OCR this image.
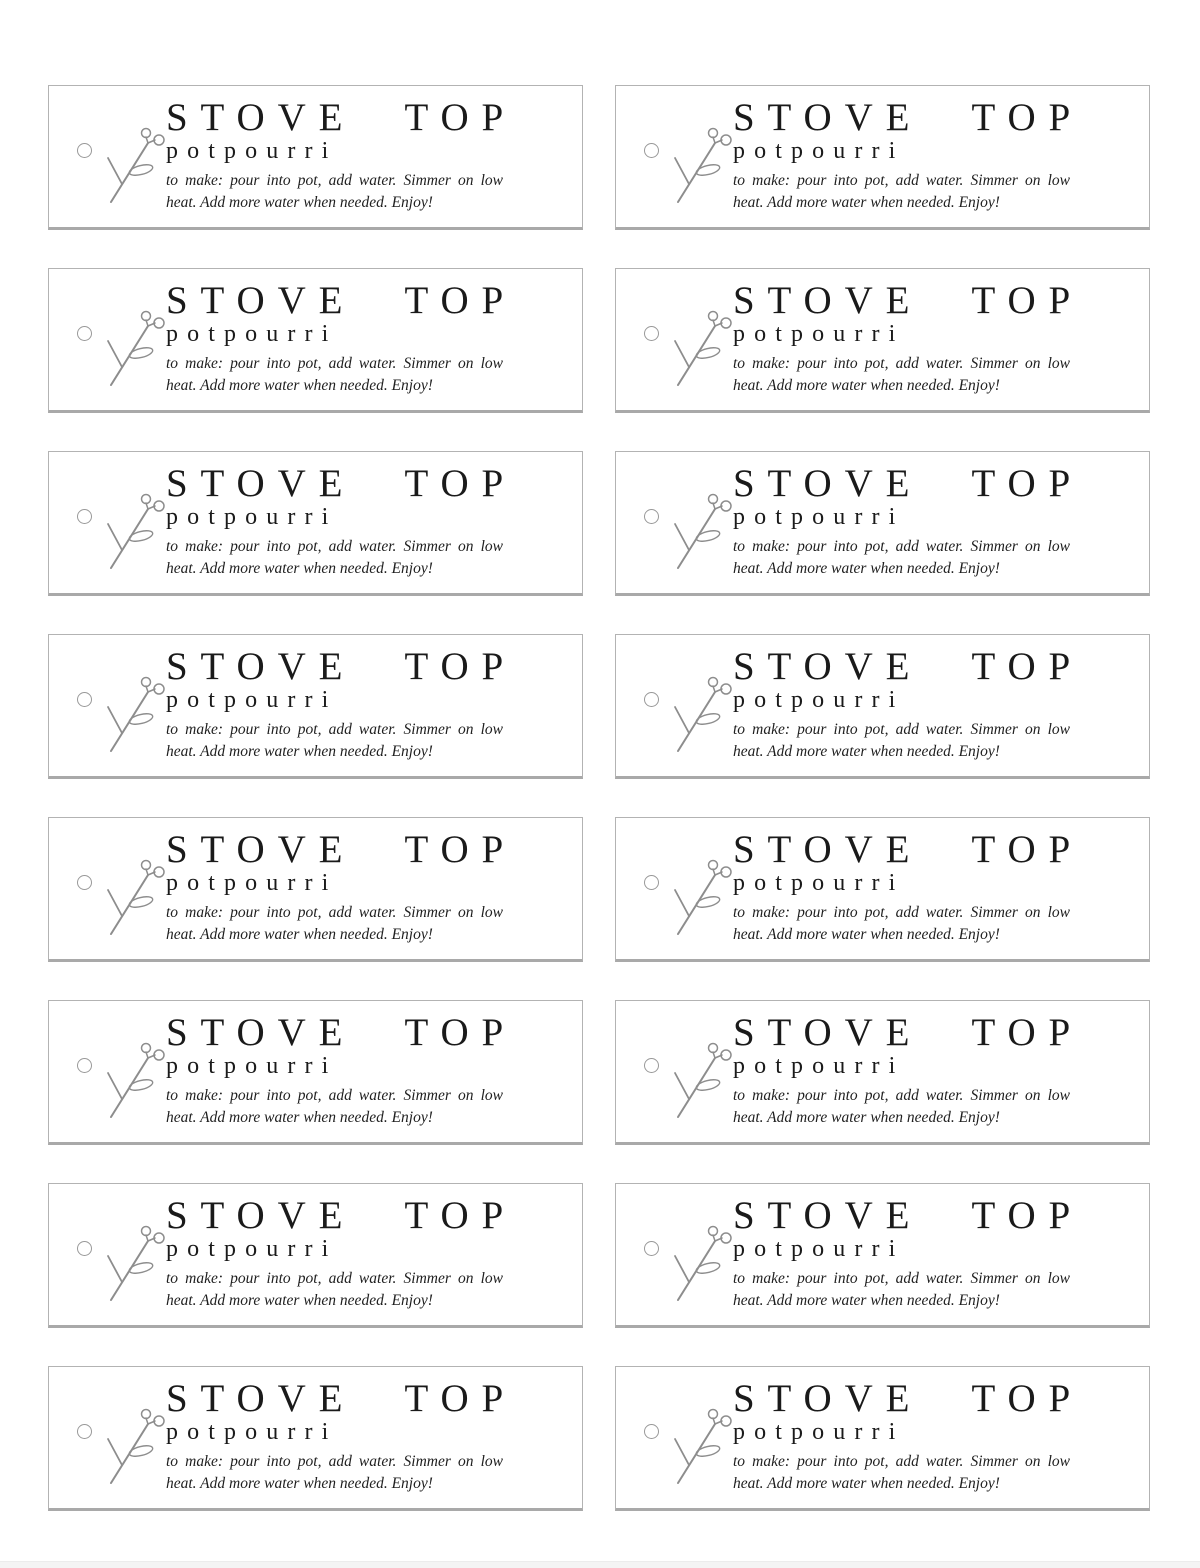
STOVE TOP
potpourri
to make: pour into pot, add water. Simmer on low
heat. Add more water when needed. Enjoy!
STOVE TOP
potpourri
to make: pour into pot, add water. Simmer on low
heat. Add more water when needed. Enjoy!
STOVE TOP
potpourri
to make: pour into pot, add water. Simmer on low
heat. Add more water when needed. Enjoy!
STOVE TOP
potpourri
to make: pour into pot, add water. Simmer on low
heat. Add more water when needed. Enjoy!
STOVE TOP
potpourri
to make: pour into pot, add water. Simmer on low
heat. Add more water when needed. Enjoy!
STOVE TOP
potpourri
to make: pour into pot, add water. Simmer on low
heat. Add more water when needed. Enjoy!
STOVE TOP
potpourri
to make: pour into pot, add water. Simmer on low
heat. Add more water when needed. Enjoy!
STOVE TOP
potpourri
to make: pour into pot, add water. Simmer on low
heat. Add more water when needed. Enjoy!
STOVE TOP
potpourri
to make: pour into pot, add water. Simmer on low
heat. Add more water when needed. Enjoy!
STOVE TOP
potpourri
to make: pour into pot, add water. Simmer on low
heat. Add more water when needed. Enjoy!
STOVE TOP
potpourri
to make: pour into pot, add water. Simmer on low
heat. Add more water when needed. Enjoy!
STOVE TOP
potpourri
to make: pour into pot, add water. Simmer on low
heat. Add more water when needed. Enjoy!
STOVE TOP
potpourri
to make: pour into pot, add water. Simmer on low
heat. Add more water when needed. Enjoy!
STOVE TOP
potpourri
to make: pour into pot, add water. Simmer on low
heat. Add more water when needed. Enjoy!
STOVE TOP
potpourri
to make: pour into pot, add water. Simmer on low
heat. Add more water when needed. Enjoy!
STOVE TOP
potpourri
to make: pour into pot, add water. Simmer on low
heat. Add more water when needed. Enjoy!
